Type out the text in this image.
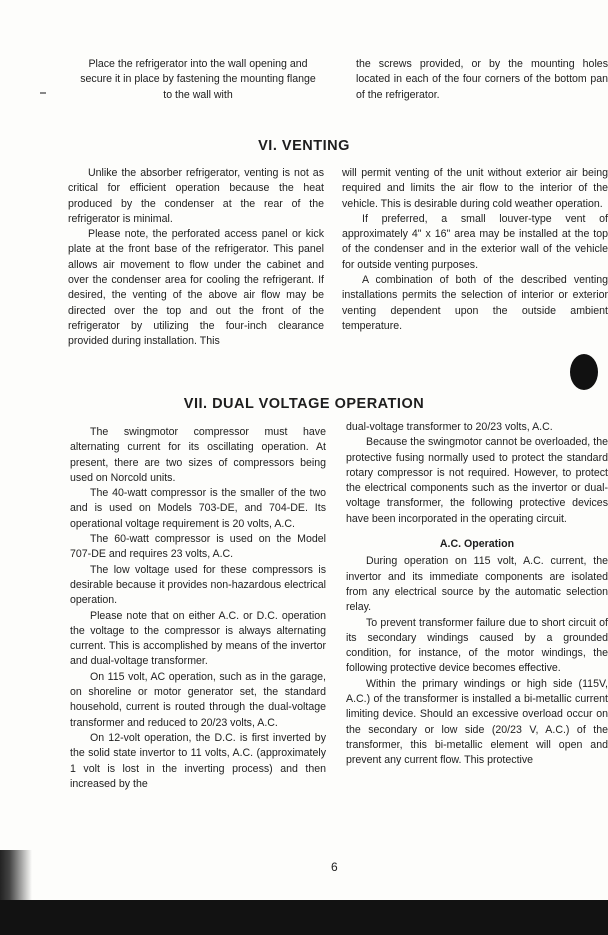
Place the refrigerator into the wall opening and secure it in place by fastening the mounting flange to the wall with

the screws provided, or by the mounting holes located in each of the four corners of the bottom pan of the refrigerator.

VI. VENTING

Unlike the absorber refrigerator, venting is not as critical for efficient operation because the heat produced by the condenser at the rear of the refrigerator is minimal.

Please note, the perforated access panel or kick plate at the front base of the refrigerator. This panel allows air movement to flow under the cabinet and over the condenser area for cooling the refrigerant. If desired, the venting of the above air flow may be directed over the top and out the front of the refrigerator by utilizing the four-inch clearance provided during installation. This

will permit venting of the unit without exterior air being required and limits the air flow to the interior of the vehicle. This is desirable during cold weather operation.

If preferred, a small louver-type vent of approximately 4" x 16" area may be installed at the top of the condenser and in the exterior wall of the vehicle for outside venting purposes.

A combination of both of the described venting installations permits the selection of interior or exterior venting dependent upon the outside ambient temperature.

VII. DUAL VOLTAGE OPERATION

The swingmotor compressor must have alternating current for its oscillating operation. At present, there are two sizes of compressors being used on Norcold units.

The 40-watt compressor is the smaller of the two and is used on Models 703-DE, and 704-DE. Its operational voltage requirement is 20 volts, A.C.

The 60-watt compressor is used on the Model 707-DE and requires 23 volts, A.C.

The low voltage used for these compressors is desirable because it provides non-hazardous electrical operation.

Please note that on either A.C. or D.C. operation the voltage to the compressor is always alternating current. This is accomplished by means of the invertor and dual-voltage transformer.

On 115 volt, AC operation, such as in the garage, on shoreline or motor generator set, the standard household, current is routed through the dual-voltage transformer and reduced to 20/23 volts, A.C.

On 12-volt operation, the D.C. is first inverted by the solid state invertor to 11 volts, A.C. (approximately 1 volt is lost in the inverting process) and then increased by the

dual-voltage transformer to 20/23 volts, A.C.

Because the swingmotor cannot be overloaded, the protective fusing normally used to protect the standard rotary compressor is not required. However, to protect the electrical components such as the invertor or dual-voltage transformer, the following protective devices have been incorporated in the operating circuit.

A.C. Operation

During operation on 115 volt, A.C. current, the invertor and its immediate components are isolated from any electrical source by the automatic selection relay.

To prevent transformer failure due to short circuit of its secondary windings caused by a grounded condition, for instance, of the motor windings, the following protective device becomes effective.

Within the primary windings or high side (115V, A.C.) of the transformer is installed a bi-metallic current limiting device. Should an excessive overload occur on the secondary or low side (20/23 V, A.C.) of the transformer, this bi-metallic element will open and prevent any current flow. This protective

6
